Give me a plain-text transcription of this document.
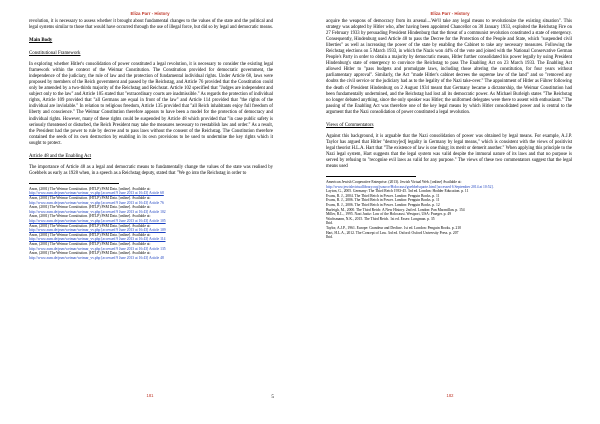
Eliza Parr - History

revolution, it is necessary to assess whether it brought about fundamental changes to the values of the state and the political and legal systems similar to those that would have occurred through the use of illegal force, but did so by legal and democratic means.

Main Body
Constitutional Framework

In exploring whether Hitler's consolidation of power constituted a legal revolution, it is necessary to consider the existing legal framework within the context of the Weimar Constitution. The Constitution provided for democratic government, the independence of the judiciary, the rule of law and the protection of fundamental individual rights. Under Article 68, laws were proposed by members of the Reich government and passed by the Reichstag, and Article 76 provided that the Constitution could only be amended by a two-thirds majority of the Reichstag and Reichsrat. Article 102 specified that "Judges are independent and subject only to the law" and Article 105 stated that "extraordinary courts are inadmissible." As regards the protection of individual rights, Article 109 provided that "all Germans are equal in front of the law" and Article 114 provided that "the rights of the individual are inviolable." In relation to religious freedom, Article 135 provided that "all Reich inhabitants enjoy full freedom of liberty and conscience." The Weimar Constitution therefore appears to have been a model for the protection of democracy and individual rights. However, many of these rights could be suspended by Article 48 which provided that "in case public safety is seriously threatened or disturbed, the Reich President may take the measures necessary to reestablish law and order." As a result, the President had the power to rule by decree and to pass laws without the consent of the Reichstag. The Constitution therefore contained the seeds of its own destruction by enabling in its own provisions to be used to undermine the key rights which it sought to protect.

Article 48 and the Enabling Act

The importance of Article 48 as a legal and democratic means to fundamentally change the values of the state was realised by Goebbels as early as 1928 when, in a speech as a Reichstag deputy, stated that "We go into the Reichstag in order to

Anon, (2001) The Weimar Constitution. (HTLP) PSM Data. [online]. Available at:
http://www.zum.de/psm/weimar/weimar_vv.php [accessed 9 June 2013 at 16:43] Article 68
Anon, (2001) The Weimar Constitution. (HTLP) PSM Data. [online]. Available at:
http://www.zum.de/psm/weimar/weimar_vv.php [accessed 9 June 2013 at 16:43] Article 76
Anon, (2001) The Weimar Constitution. (HTLP) PSM Data. [online]. Available at:
http://www.zum.de/psm/weimar/weimar_vv.php [accessed 9 June 2013 at 16:43] Article 102
Anon, (2001) The Weimar Constitution. (HTLP) PSM Data. [online]. Available at:
http://www.zum.de/psm/weimar/weimar_vv.php [accessed 9 June 2013 at 16:43] Article 105
Anon, (2001) The Weimar Constitution. (HTLP) PSM Data. [online]. Available at:
http://www.zum.de/psm/weimar/weimar_vv.php [accessed 9 June 2013 at 16:43] Article 109
Anon, (2001) The Weimar Constitution. (HTLP) PSM Data. [online]. Available at:
http://www.zum.de/psm/weimar/weimar_vv.php [accessed 9 June 2013 at 16:43] Article 114
Anon, (2001) The Weimar Constitution. (HTLP) PSM Data. [online]. Available at:
http://www.zum.de/psm/weimar/weimar_vv.php [accessed 9 June 2013 at 16:43] Article 135
Anon, (2001) The Weimar Constitution. (HTLP) PSM Data. [online]. Available at:
http://www.zum.de/psm/weimar/weimar_vv.php [accessed 9 June 2013 at 16:43] Article 48
181	5
Eliza Parr - History

acquire the weapons of democracy from its arsenal....We'll take any legal means to revolutionize the existing situation". This strategy was adopted by Hitler who, after having been appointed Chancellor on 30 January 1933, exploited the Reichstag Fire on 27 February 1933 by persuading President Hindenburg that the threat of a communist revolution constituted a state of emergency. Consequently, Hindenburg used Article 48 to pass the Decree for the Protection of the People and State, which "suspended civil liberties" as well as increasing the power of the state by enabling the Cabinet to take any necessary measures. Following the Reichstag elections on 5 March 1933, in which the Nazis won 44% of the vote and joined with the National Conservative German People's Party in order to obtain a majority by democratic means, Hitler further consolidated his power legally by using President Hindenburg's state of emergency to convince the Reichstag to pass The Enabling Act on 23 March 1933. The Enabling Act allowed Hitler to "pass budgets and promulgate laws, including those altering the constitution, for four years without parliamentary approval". Similarly, the Act "made Hitler's cabinet decrees the supreme law of the land" and so "removed any doubts the civil service or the judiciary had as to the legality of the Nazi take-over." The appointment of Hitler as Führer following the death of President Hindenburg on 2 August 1934 meant that Germany became a dictatorship, the Weimar Constitution had been fundamentally undermined, and the Reichstag had lost all its democratic power. As Michael Burleigh states "The Reichstag no longer debated anything, since the only speaker was Hitler; the uniformed delegates were there to assent with enthusiasm." The passing of the Enabling Act was therefore one of the key legal means by which Hitler consolidated power and is central to the argument that the Nazi consolidation of power constituted a legal revolution.

Views of Commentators

Against this background, it is arguable that the Nazi consolidation of power was obtained by legal means. For example, A.J.P. Taylor has argued that Hitler "destroy[ed] legality in Germany by legal means," which is consistent with the views of positivist legal theorist H.L.A. Hart that "The existence of law is one thing; its merit or demerit another." When applying this principle to the Nazi legal system, Hart suggests that the legal system was valid despite the immoral nature of its laws and that no purpose is served by refusing to "recognise evil laws as valid for any purpose." The views of these two commentators suggest that the legal means used

American Jewish Cooperative Enterprise. (2013). Jewish Virtual Web. [online] Available at:
http://www.jewishvirtuallibrary.org/jsource/Holocaust/goebbelsquote.html [accessed 6 September 2014 at 10:52].
Layton, G., 2005. Germany: The Third Reich 1933-45. 3rd ed. London: Hodder Education. p. 11
Evans, R. J., 2004. The Third Reich in Power. London: Penguin Books. p. 11
Evans, R. J., 2006. The Third Reich in Power. London: Penguin Books. p. 11
Evans, R. J., 2006. The Third Reich in Power. London: Penguin Books. p. 12
Burleigh, M., 2000. The Third Reich: A New History. 2nd ed. London: Pan Macmillan. p. 154
Miller, R.L., 1995. Nazi Justiz: Law of the Holocaust. Westport, USA: Praeger. p. 49
Wachsmann, N.K., 2015. The Third Reich. 1st ed. Essex: Longman. p. 35
Ibid.
Taylor, A.J.P., 1961. Europe: Grandeur and Decline. 1st ed. London: Penguin Books. p. 210
Hart, H.L.A., 2012. The Concept of Law. 3rd ed. Oxford: Oxford University Press. p. 207
Ibid.
182
